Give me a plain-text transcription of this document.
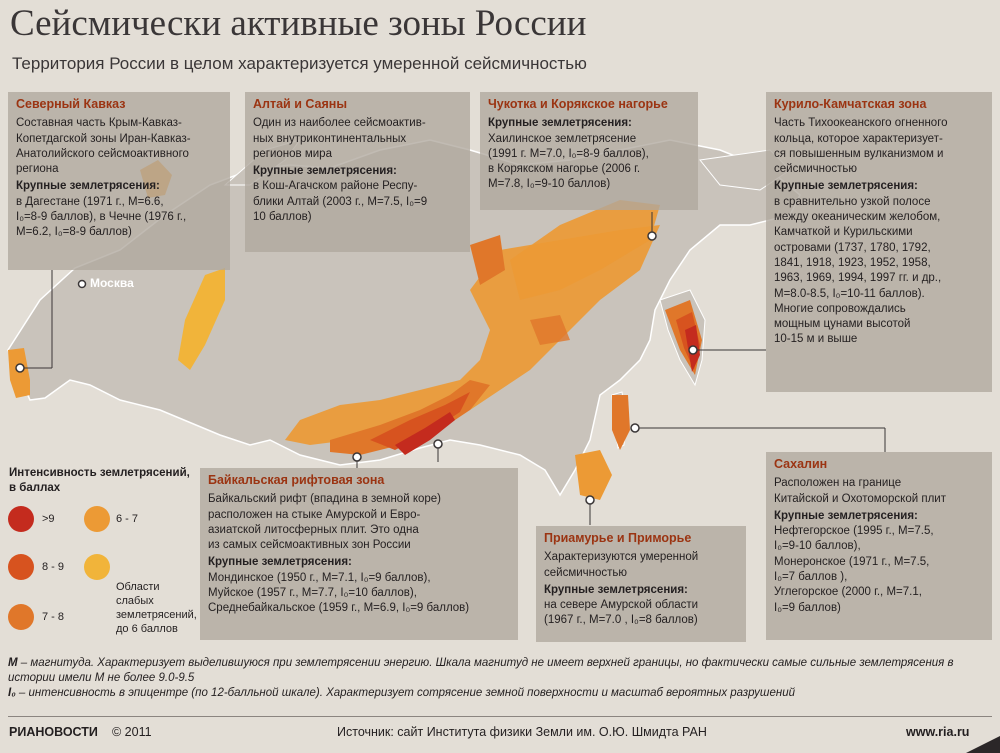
Сейсмически активные зоны России
Территория России в целом характеризуется умеренной сейсмичностью
Москва
Северный Кавказ

Составная часть Крым-Кавказ-

Копетдагской зоны Иран-Кавказ-

Анатолийского сейсмоактивного

региона

Крупные землетрясения:

в Дагестане (1971 г., M=6.6,

I₀=8-9 баллов), в Чечне (1976 г.,

M=6.2, I₀=8-9 баллов)

Алтай и Саяны

Один из наиболее сейсмоактив-

ных внутриконтинентальных

регионов мира

Крупные землетрясения:

в Кош-Агачском районе Респу-

блики Алтай (2003 г., M=7.5, I₀=9

10 баллов)

Чукотка и Корякское нагорье

Крупные землетрясения:

Хаилинское землетрясение

(1991 г. M=7.0, I₀=8-9 баллов),

в Корякском нагорье (2006 г.

M=7.8, I₀=9-10 баллов)

Курило-Камчатская зона

Часть Тихоокеанского огненного

кольца, которое характеризует-

ся повышенным вулканизмом и

сейсмичностью

Крупные землетрясения:

в сравнительно узкой полосе

между океаническим желобом,

Камчаткой и Курильскими

островами (1737, 1780, 1792,

1841, 1918, 1923, 1952, 1958,

1963, 1969, 1994, 1997 гг. и др.,

M=8.0-8.5, I₀=10-11 баллов).

Многие сопровождались

мощным цунами высотой

10-15 м и выше

Байкальская рифтовая зона

Байкальский рифт (впадина в земной коре)

расположен на стыке Амурской и Евро-

азиатской литосферных плит. Это одна

из самых сейсмоактивных зон России

Крупные землетрясения:

Мондинское (1950 г., M=7.1, I₀=9 баллов),

Муйское (1957 г., M=7.7, I₀=10 баллов),

Среднебайкальское (1959 г., M=6.9, I₀=9 баллов)

Приамурье и Приморье

Характеризуются умеренной

сейсмичностью

Крупные землетрясения:

на севере Амурской области

(1967 г., M=7.0 , I₀=8 баллов)

Сахалин

Расположен на границе

Китайской и Охотоморской плит

Крупные землетрясения:

Нефтегорское (1995 г., M=7.5,

I₀=9-10 баллов),

Монеронское (1971 г., M=7.5,

I₀=7 баллов ),

Углегорское (2000 г., M=7.1,

I₀=9 баллов)

Интенсивность землетрясений, в баллах
>9
8 - 9
7 - 8
6 - 7
Области слабых землетрясений, до 6 баллов
M – магнитуда. Характеризует выделившуюся при землетрясении энергию. Шкала магнитуд не имеет верхней границы, но фактически самые сильные землетрясения в истории имели М не более 9.0-9.5
I₀ – интенсивность в эпицентре (по 12-балльной шкале). Характеризует сотрясение земной поверхности и масштаб вероятных разрушений
РИАНОВОСТИ © 2011	Источник: сайт Института физики Земли им. О.Ю. Шмидта РАН	www.ria.ru
